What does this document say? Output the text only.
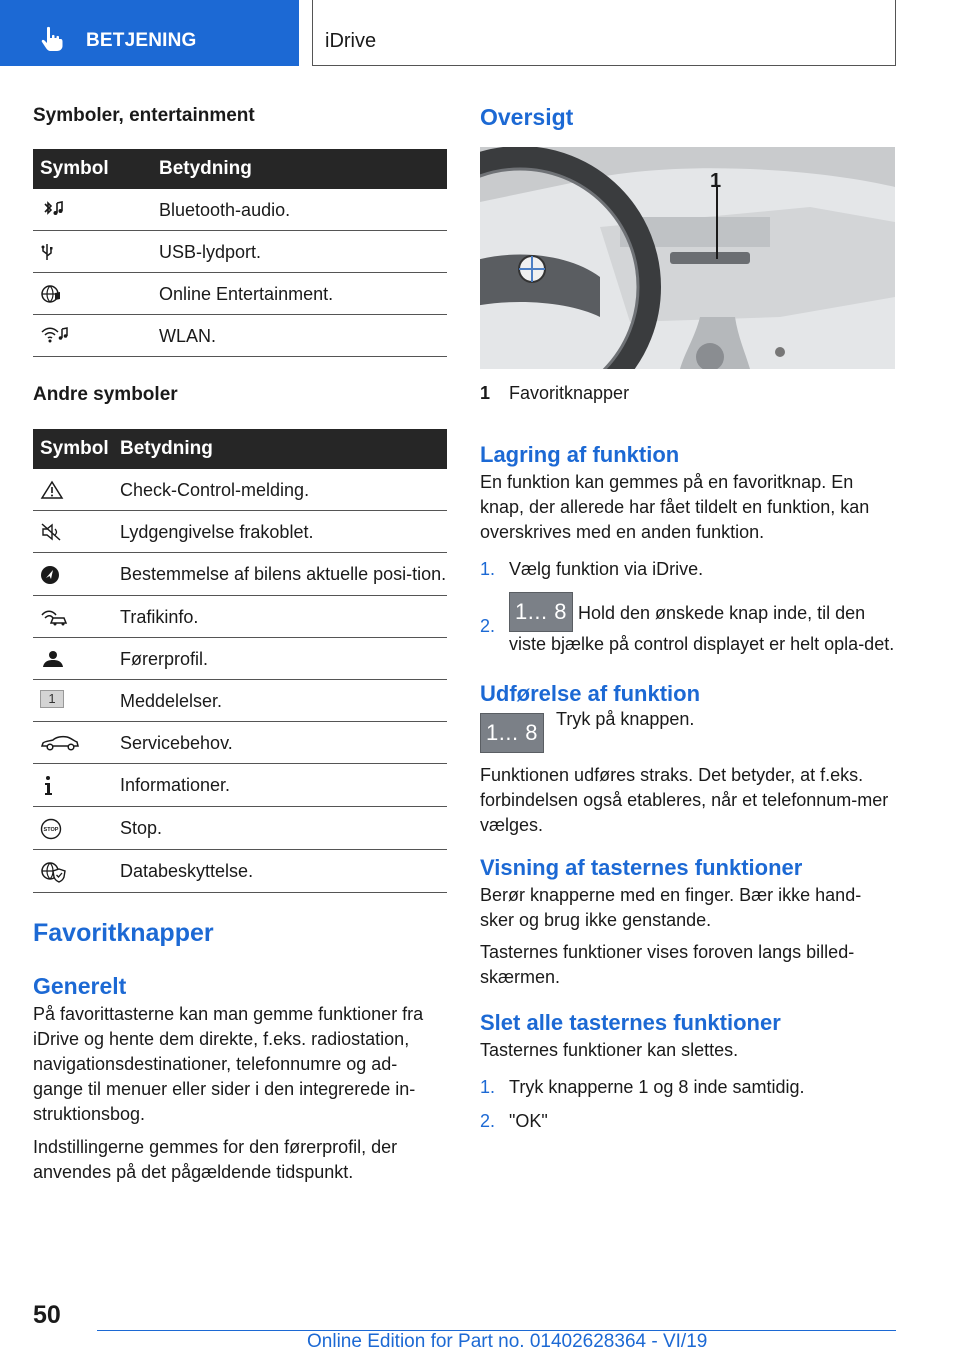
BETJENING	iDrive
Symboler, entertainment
Symbol	Betydning

	Bluetooth-audio.

	USB-lydport.

	Online Entertainment.

	WLAN.
Andre symboler
Symbol	Betydning

	Check-Control-melding.

	Lydgengivelse frakoblet.

	Bestemmelse af bilens aktuelle posi‐tion.

	Trafikinfo.

	Førerprofil.

1	Meddelelser.

	Servicebehov.

	Informationer.

STOP	Stop.

	Databeskyttelse.
Favoritknapper
Generelt

På favorittasterne kan man gemme funktioner fra iDrive og hente dem direkte, f.eks. radiostation, navigationsdestinationer, telefonnumre og ad‐gange til menuer eller sider i den integrerede in‐struktionsbog.

Indstillingerne gemmes for den førerprofil, der anvendes på det pågældende tidspunkt.

Oversigt
1
1	Favoritknapper
Lagring af funktion

En funktion kan gemmes på en favoritknap. En knap, der allerede har fået tildelt en funktion, kan overskrives med en anden funktion.

1. Vælg funktion via iDrive.
2.
1... 8 Hold den ønskede knap inde, til den viste bjælke på control displayet er helt opla‐det.
Udførelse af funktion
1... 8
Tryk på knappen.

Funktionen udføres straks. Det betyder, at f.eks. forbindelsen også etableres, når et telefonnum‐mer vælges.

Visning af tasternes funktioner

Berør knapperne med en finger. Bær ikke hand‐sker og brug ikke genstande.

Tasternes funktioner vises foroven langs billed‐skærmen.

Slet alle tasternes funktioner

Tasternes funktioner kan slettes.

1. Tryk knapperne 1 og 8 inde samtidig.
2. "OK"
50
Online Edition for Part no. 01402628364 - VI/19
